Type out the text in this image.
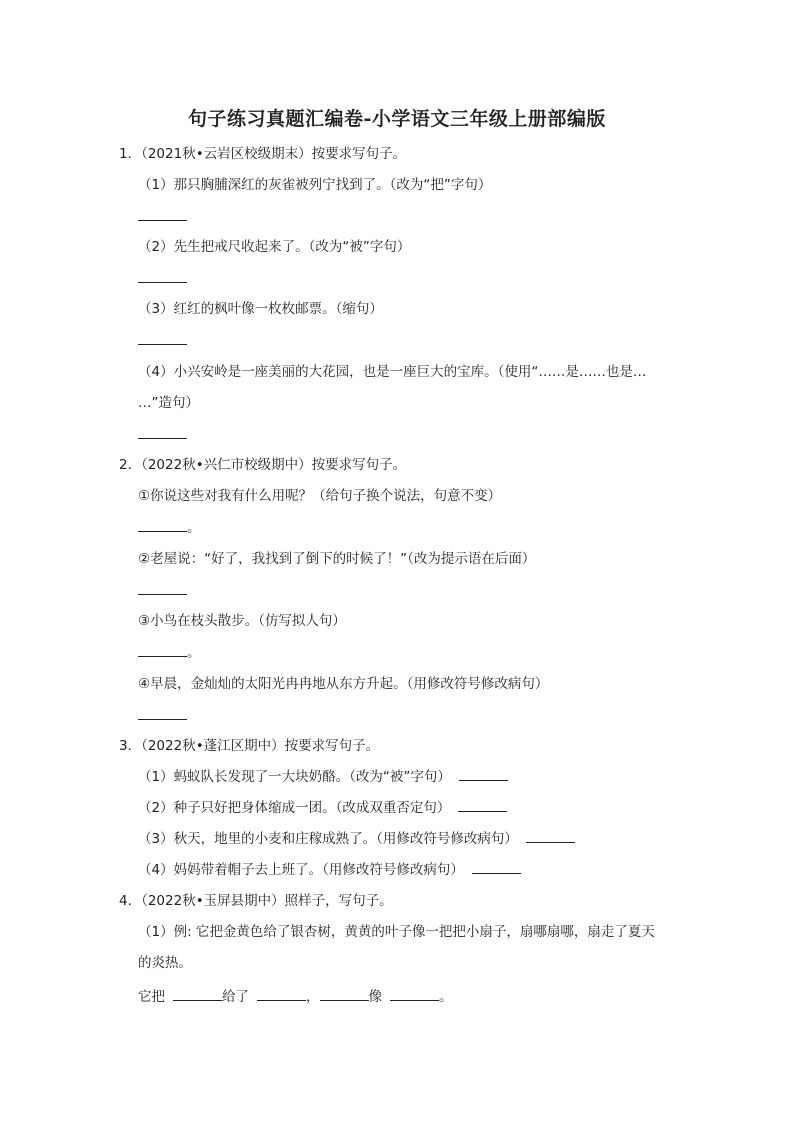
句子练习真题汇编卷-小学语文三年级上册部编版
1．（2021秋•云岩区校级期末）按要求写句子。
（1）那只胸脯深红的灰雀被列宁找到了。（改为“把”字句）
（2）先生把戒尺收起来了。（改为“被”字句）
（3）红红的枫叶像一枚枚邮票。（缩句）
（4）小兴安岭是一座美丽的大花园，也是一座巨大的宝库。（使用“……是……也是…
…”造句）
2．（2022秋•兴仁市校级期中）按要求写句子。
①你说这些对我有什么用呢？（给句子换个说法，句意不变）
。
②老屋说：“好了，我找到了倒下的时候了！”（改为提示语在后面）
③小鸟在枝头散步。（仿写拟人句）
。
④早晨，金灿灿的太阳光冉冉地从东方升起。（用修改符号修改病句）
3．（2022秋•蓬江区期中）按要求写句子。
（1）蚂蚁队长发现了一大块奶酪。（改为“被”字句）
（2）种子只好把身体缩成一团。（改成双重否定句）
（3）秋天，地里的小麦和庄稼成熟了。（用修改符号修改病句）
（4）妈妈带着帽子去上班了。（用修改符号修改病句）
4．（2022秋•玉屏县期中）照样子，写句子。
（1）例: 它把金黄色给了银杏树，黄黄的叶子像一把把小扇子，扇哪扇哪，扇走了夏天
的炎热。
它把	给了	，	像	。
